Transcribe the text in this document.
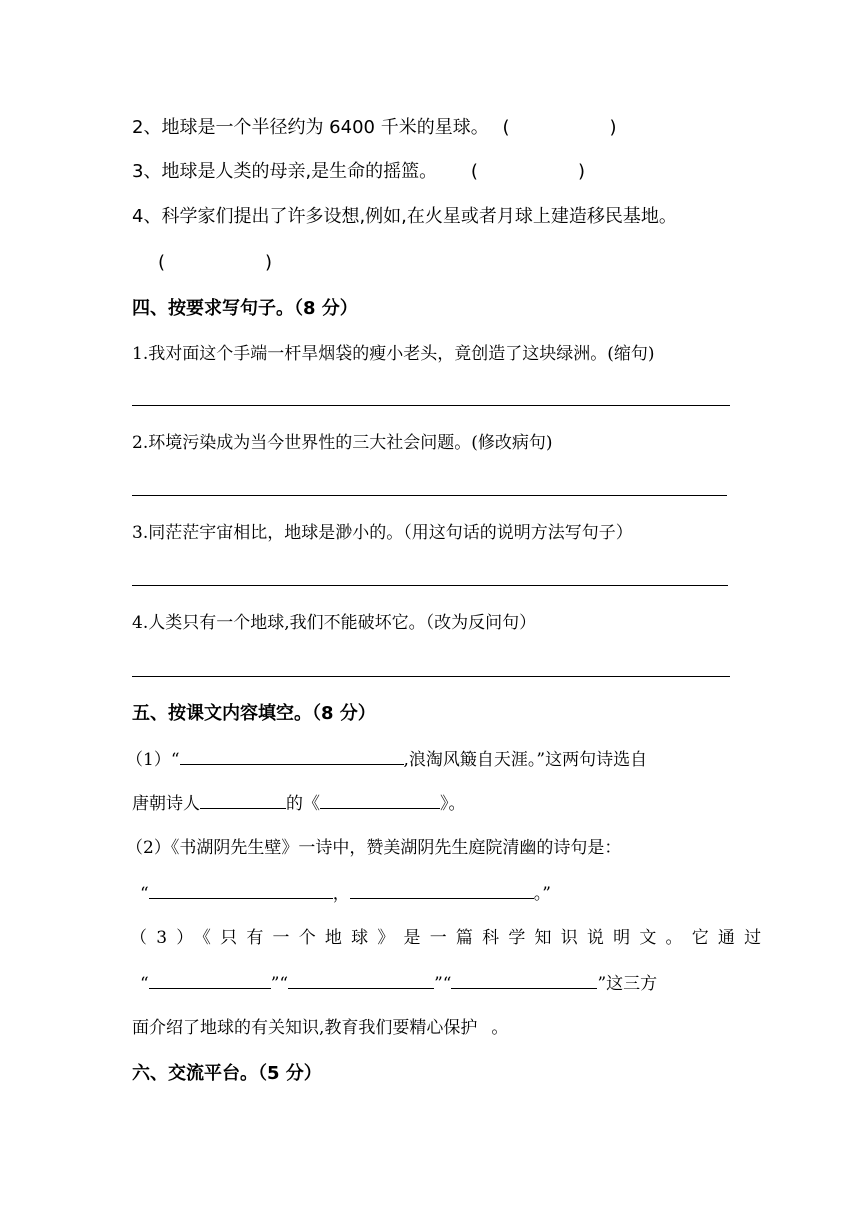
2、地球是一个半径约为 6400 千米的星球。 (	)
3、地球是人类的母亲,是生命的摇篮。 (	)
4、科学家们提出了许多设想,例如,在火星或者月球上建造移民基地。
(	)
四、按要求写句子。（8 分）
1.我对面这个手端一杆旱烟袋的瘦小老头，竟创造了这块绿洲。(缩句)
2.环境污染成为当今世界性的三大社会问题。(修改病句)
3.同茫茫宇宙相比，地球是渺小的。（用这句话的说明方法写句子）
4.人类只有一个地球,我们不能破坏它。（改为反问句）
五、按课文内容填空。（8 分）
（1）“	,浪淘风簸自天涯。”这两句诗选自
唐朝诗人	的《	》。
（2）《书湖阴先生壁》一诗中，赞美湖阴先生庭院清幽的诗句是：
“	，	。”
（3）《只有一个地球》是一篇科学知识说明文。它通过
“	”“	”“	”这三方
面介绍了地球的有关知识,教育我们要精心保护 。
六、交流平台。（5 分）
